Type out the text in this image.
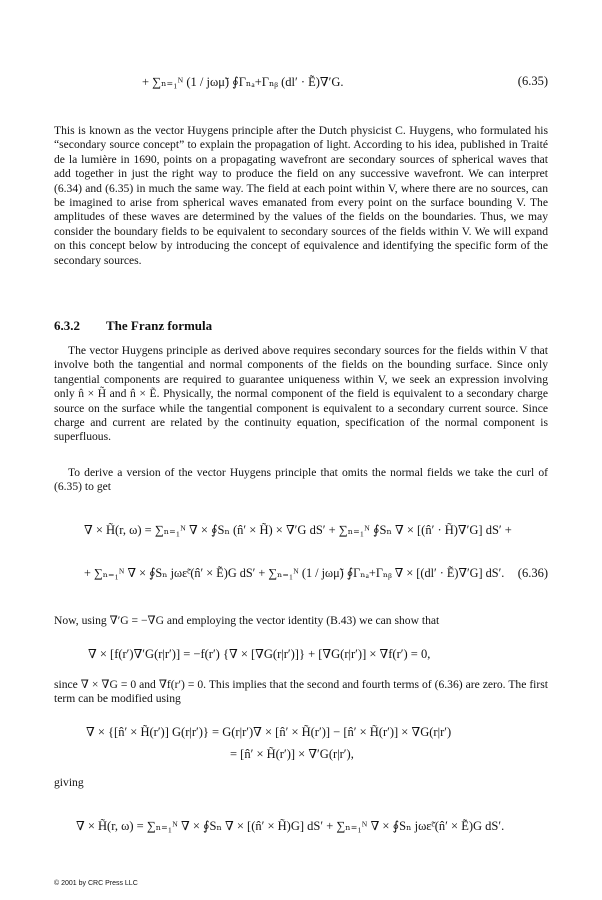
+ ∑ₙ₌₁ᴺ (1 / jωμ̃) ∮Γₙₐ+Γₙᵦ (dl′ · Ẽ)∇′G.	(6.35)

This is known as the vector Huygens principle after the Dutch physicist C. Huygens, who formulated his “secondary source concept” to explain the propagation of light. According to his idea, published in Traité de la lumière in 1690, points on a propagating wavefront are secondary sources of spherical waves that add together in just the right way to produce the field on any successive wavefront. We can interpret (6.34) and (6.35) in much the same way. The field at each point within V, where there are no sources, can be imagined to arise from spherical waves emanated from every point on the surface bounding V. The amplitudes of these waves are determined by the values of the fields on the boundaries. Thus, we may consider the boundary fields to be equivalent to secondary sources of the fields within V. We will expand on this concept below by introducing the concept of equivalence and identifying the specific form of the secondary sources.

6.3.2 The Franz formula

The vector Huygens principle as derived above requires secondary sources for the fields within V that involve both the tangential and normal components of the fields on the bounding surface. Since only tangential components are required to guarantee uniqueness within V, we seek an expression involving only n̂ × H̃ and n̂ × Ẽ. Physically, the normal component of the field is equivalent to a secondary charge source on the surface while the tangential component is equivalent to a secondary current source. Since charge and current are related by the continuity equation, specification of the normal component is superfluous.

To derive a version of the vector Huygens principle that omits the normal fields we take the curl of (6.35) to get

∇ × H̃(r, ω) = ∑ₙ₌₁ᴺ ∇ × ∮Sₙ (n̂′ × H̃) × ∇′G dS′ + ∑ₙ₌₁ᴺ ∮Sₙ ∇ × [(n̂′ · H̃)∇′G] dS′ +
+ ∑ₙ₌₁ᴺ ∇ × ∮Sₙ jωε̃ᶜ(n̂′ × Ẽ)G dS′ + ∑ₙ₌₁ᴺ (1 / jωμ̃) ∮Γₙₐ+Γₙᵦ ∇ × [(dl′ · Ẽ)∇′G] dS′. (6.36)

Now, using ∇′G = −∇G and employing the vector identity (B.43) we can show that

∇ × [f(r′)∇′G(r|r′)] = −f(r′) {∇ × [∇G(r|r′)]} + [∇G(r|r′)] × ∇f(r′) = 0,

since ∇ × ∇G = 0 and ∇f(r′) = 0. This implies that the second and fourth terms of (6.36) are zero. The first term can be modified using

∇ × {[n̂′ × H̃(r′)] G(r|r′)} = G(r|r′)∇ × [n̂′ × H̃(r′)] − [n̂′ × H̃(r′)] × ∇G(r|r′)
= [n̂′ × H̃(r′)] × ∇′G(r|r′),

giving

∇ × H̃(r, ω) = ∑ₙ₌₁ᴺ ∇ × ∮Sₙ ∇ × [(n̂′ × H̃)G] dS′ + ∑ₙ₌₁ᴺ ∇ × ∮Sₙ jωε̃ᶜ(n̂′ × Ẽ)G dS′.
© 2001 by CRC Press LLC
